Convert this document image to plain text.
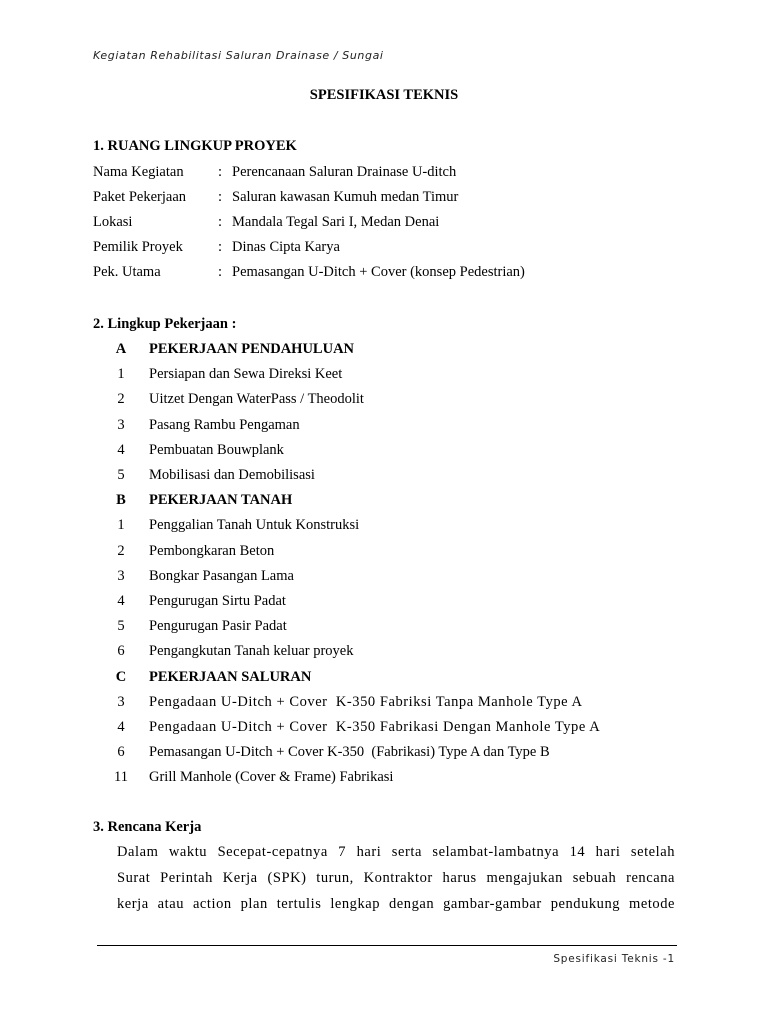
Kegiatan Rehabilitasi Saluran Drainase / Sungai
SPESIFIKASI TEKNIS
1. RUANG LINGKUP PROYEK
Nama Kegiatan	: Perencanaan Saluran Drainase U-ditch
Paket Pekerjaan	: Saluran kawasan Kumuh medan Timur
Lokasi	: Mandala Tegal Sari I, Medan Denai
Pemilik Proyek	: Dinas Cipta Karya
Pek. Utama	: Pemasangan U-Ditch + Cover (konsep Pedestrian)
2. Lingkup Pekerjaan :
A	PEKERJAAN PENDAHULUAN
1	Persiapan dan Sewa Direksi Keet
2	Uitzet Dengan WaterPass / Theodolit
3	Pasang Rambu Pengaman
4	Pembuatan Bouwplank
5	Mobilisasi dan Demobilisasi
B	PEKERJAAN TANAH
1	Penggalian Tanah Untuk Konstruksi
2	Pembongkaran Beton
3	Bongkar Pasangan Lama
4	Pengurugan Sirtu Padat
5	Pengurugan Pasir Padat
6	Pengangkutan Tanah keluar proyek
C	PEKERJAAN SALURAN
3	Pengadaan U-Ditch + Cover  K-350 Fabriksi Tanpa Manhole Type A
4	Pengadaan U-Ditch + Cover  K-350 Fabrikasi Dengan Manhole Type A
6	Pemasangan U-Ditch + Cover K-350  (Fabrikasi) Type A dan Type B
11	Grill Manhole (Cover & Frame) Fabrikasi
3. Rencana Kerja
Dalam waktu Secepat-cepatnya 7 hari serta selambat-lambatnya 14 hari setelah
Surat Perintah Kerja (SPK) turun, Kontraktor harus mengajukan sebuah rencana
kerja atau action plan tertulis lengkap dengan gambar-gambar pendukung metode
Spesifikasi Teknis -1
